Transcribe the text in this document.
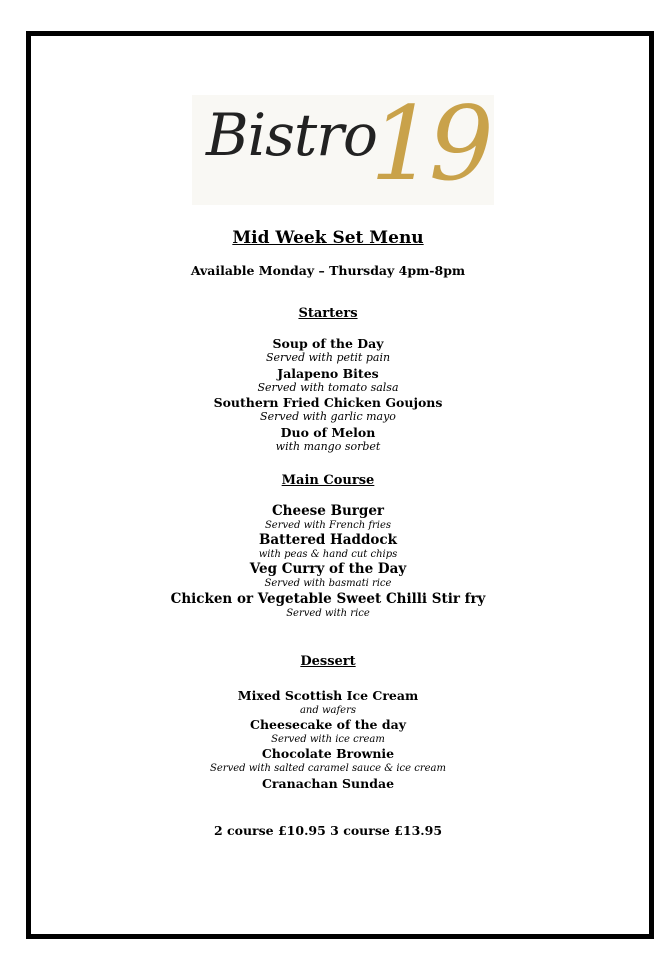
Bistro
19
Mid Week Set Menu
Available Monday – Thursday 4pm-8pm
Starters
Soup of the Day
Served with petit pain
Jalapeno Bites
Served with tomato salsa
Southern Fried Chicken Goujons
Served with garlic mayo
Duo of Melon
with mango sorbet
Main Course
Cheese Burger
Served with French fries
Battered Haddock
with peas & hand cut chips
Veg Curry of the Day
Served with basmati rice
Chicken or Vegetable Sweet Chilli Stir fry
Served with rice
Dessert
Mixed Scottish Ice Cream
and wafers
Cheesecake of the day
Served with ice cream
Chocolate Brownie
Served with salted caramel sauce & ice cream
Cranachan Sundae
2 course £10.95 3 course £13.95
